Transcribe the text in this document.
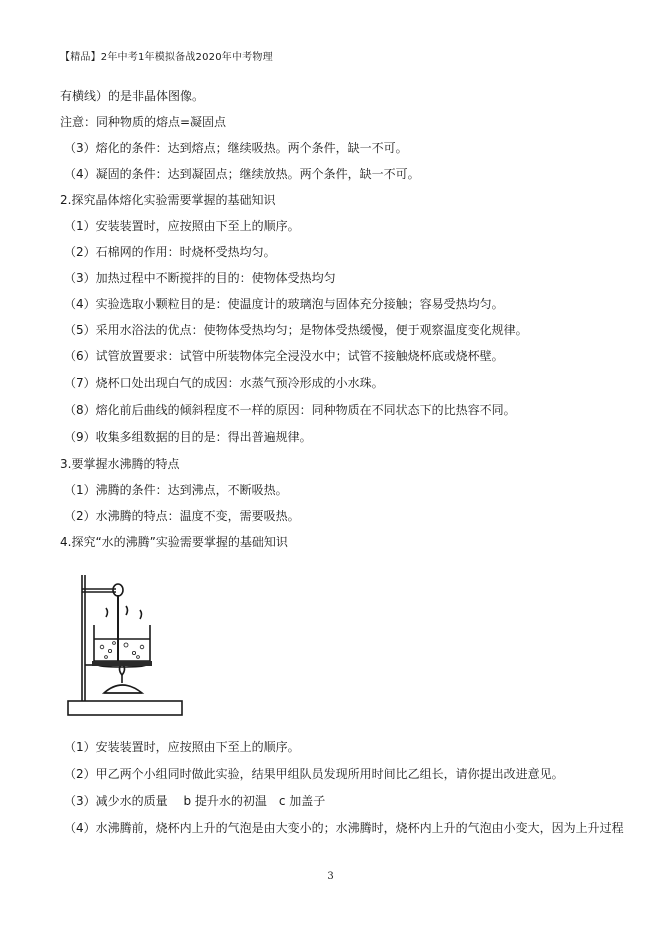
【精品】2年中考1年模拟备战2020年中考物理
有横线）的是非晶体图像。
注意：同种物质的熔点=凝固点
（3）熔化的条件：达到熔点；继续吸热。两个条件，缺一不可。
（4）凝固的条件：达到凝固点；继续放热。两个条件，缺一不可。
2.探究晶体熔化实验需要掌握的基础知识
（1）安装装置时，应按照由下至上的顺序。
（2）石棉网的作用：时烧杯受热均匀。
（3）加热过程中不断搅拌的目的：使物体受热均匀
（4）实验选取小颗粒目的是：使温度计的玻璃泡与固体充分接触；容易受热均匀。
（5）采用水浴法的优点：使物体受热均匀；是物体受热缓慢，便于观察温度变化规律。
（6）试管放置要求：试管中所装物体完全浸没水中；试管不接触烧杯底或烧杯壁。
（7）烧杯口处出现白气的成因：水蒸气预冷形成的小水珠。
（8）熔化前后曲线的倾斜程度不一样的原因：同种物质在不同状态下的比热容不同。
（9）收集多组数据的目的是：得出普遍规律。
3.要掌握水沸腾的特点
（1）沸腾的条件：达到沸点，不断吸热。
（2）水沸腾的特点：温度不变，需要吸热。
4.探究“水的沸腾”实验需要掌握的基础知识
（1）安装装置时，应按照由下至上的顺序。
（2）甲乙两个小组同时做此实验，结果甲组队员发现所用时间比乙组长，请你提出改进意见。
（3）减少水的质量　 b 提升水的初温　c 加盖子
（4）水沸腾前，烧杯内上升的气泡是由大变小的；水沸腾时，烧杯内上升的气泡由小变大，因为上升过程
3
